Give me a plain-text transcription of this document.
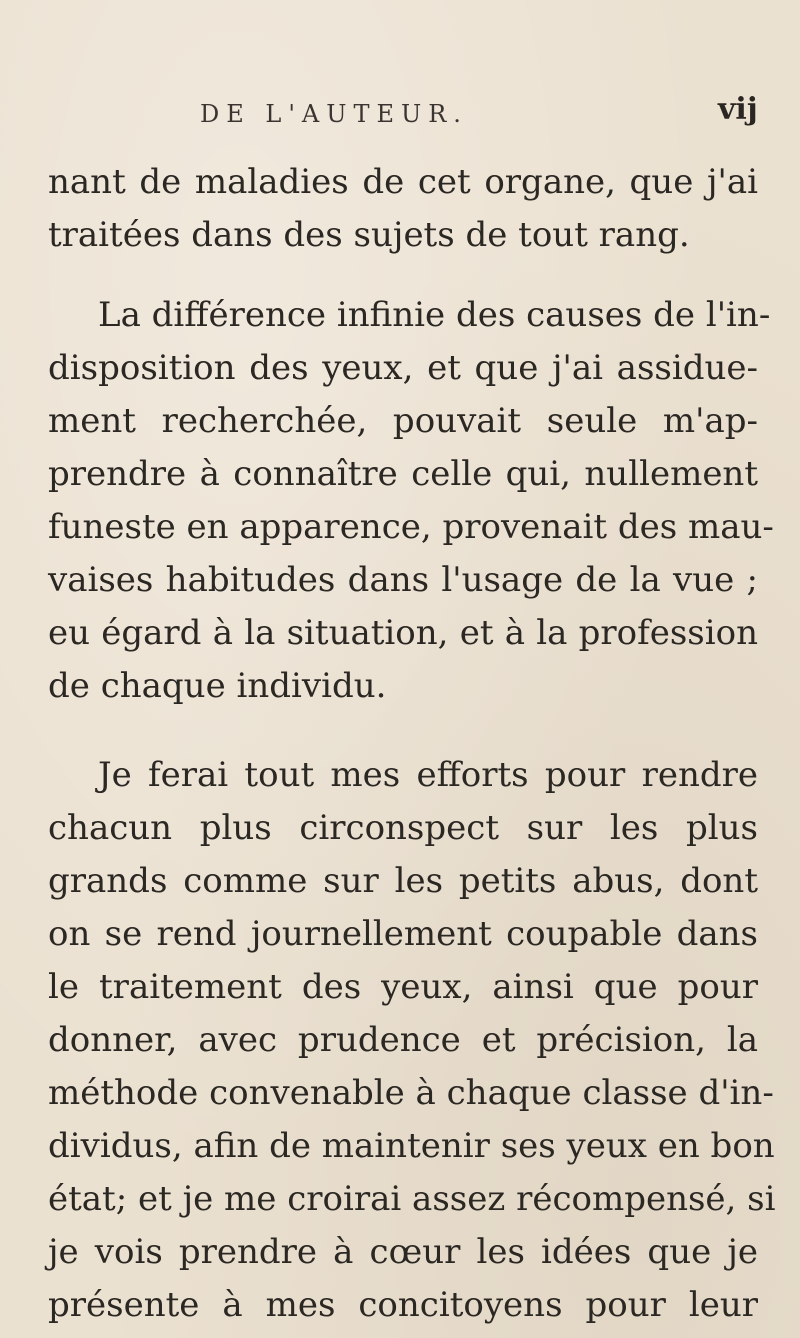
DE L'AUTEUR.	vij
nant de maladies de cet organe, que j'ai
traitées dans des sujets de tout rang.
La différence infinie des causes de l'in-
disposition des yeux, et que j'ai assidue-
ment recherchée, pouvait seule m'ap-
prendre à connaître celle qui, nullement
funeste en apparence, provenait des mau-
vaises habitudes dans l'usage de la vue ;
eu égard à la situation, et à la profession
de chaque individu.
Je ferai tout mes efforts pour rendre
chacun plus circonspect sur les plus
grands comme sur les petits abus, dont
on se rend journellement coupable dans
le traitement des yeux, ainsi que pour
donner, avec prudence et précision, la
méthode convenable à chaque classe d'in-
dividus, afin de maintenir ses yeux en bon
état; et je me croirai assez récompensé, si
je vois prendre à cœur les idées que je
présente à mes concitoyens pour leur
